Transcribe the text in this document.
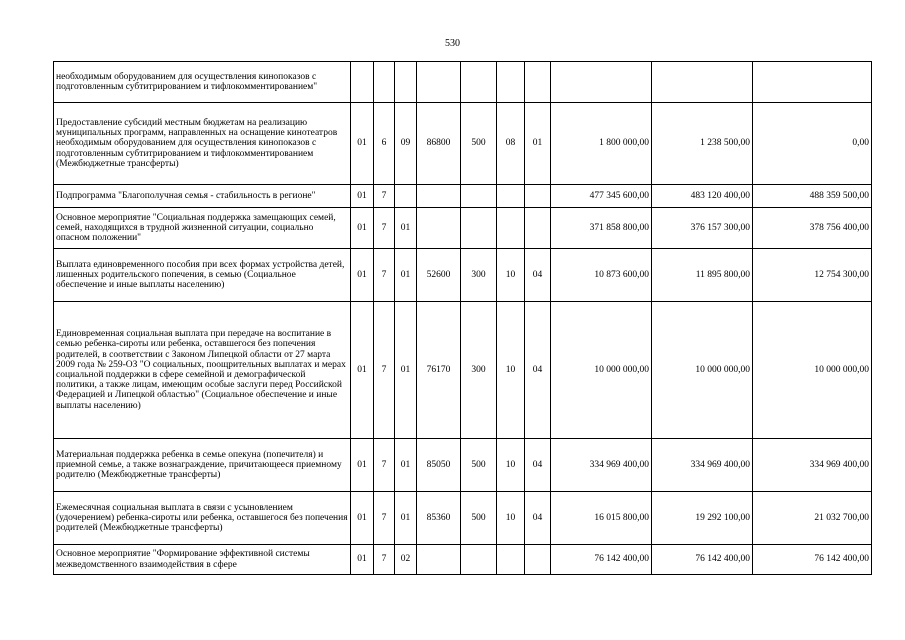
530
необходимым оборудованием для осуществления кинопоказов с подготовленным субтитрированием и тифлокомментированием"										
Предоставление субсидий местным бюджетам на реализацию муниципальных программ, направленных на оснащение кинотеатров необходимым оборудованием для осуществления кинопоказов с подготовленным субтитрированием и тифлокомментированием (Межбюджетные трансферты)	01	6	09	86800	500	08	01	1 800 000,00	1 238 500,00	0,00
Подпрограмма "Благополучная семья - стабильность в регионе"	01	7						477 345 600,00	483 120 400,00	488 359 500,00
Основное мероприятие "Социальная поддержка замещающих семей, семей, находящихся в трудной жизненной ситуации, социально опасном положении"	01	7	01					371 858 800,00	376 157 300,00	378 756 400,00
Выплата единовременного пособия при всех формах устройства детей, лишенных родительского попечения, в семью (Социальное обеспечение и иные выплаты населению)	01	7	01	52600	300	10	04	10 873 600,00	11 895 800,00	12 754 300,00
Единовременная социальная выплата при передаче на воспитание в семью ребенка-сироты или ребенка, оставшегося без попечения родителей, в соответствии с Законом Липецкой области от 27 марта 2009 года № 259-ОЗ "О социальных, поощрительных выплатах и мерах социальной поддержки в сфере семейной и демографической политики, а также лицам, имеющим особые заслуги перед Российской Федерацией и Липецкой областью" (Социальное обеспечение и иные выплаты населению)	01	7	01	76170	300	10	04	10 000 000,00	10 000 000,00	10 000 000,00
Материальная поддержка ребенка в семье опекуна (попечителя) и приемной семье, а также вознаграждение, причитающееся приемному родителю (Межбюджетные трансферты)	01	7	01	85050	500	10	04	334 969 400,00	334 969 400,00	334 969 400,00
Ежемесячная социальная выплата в связи с усыновлением (удочерением) ребенка-сироты или ребенка, оставшегося без попечения родителей (Межбюджетные трансферты)	01	7	01	85360	500	10	04	16 015 800,00	19 292 100,00	21 032 700,00
Основное мероприятие "Формирование эффективной системы межведомственного взаимодействия в сфере	01	7	02					76 142 400,00	76 142 400,00	76 142 400,00
